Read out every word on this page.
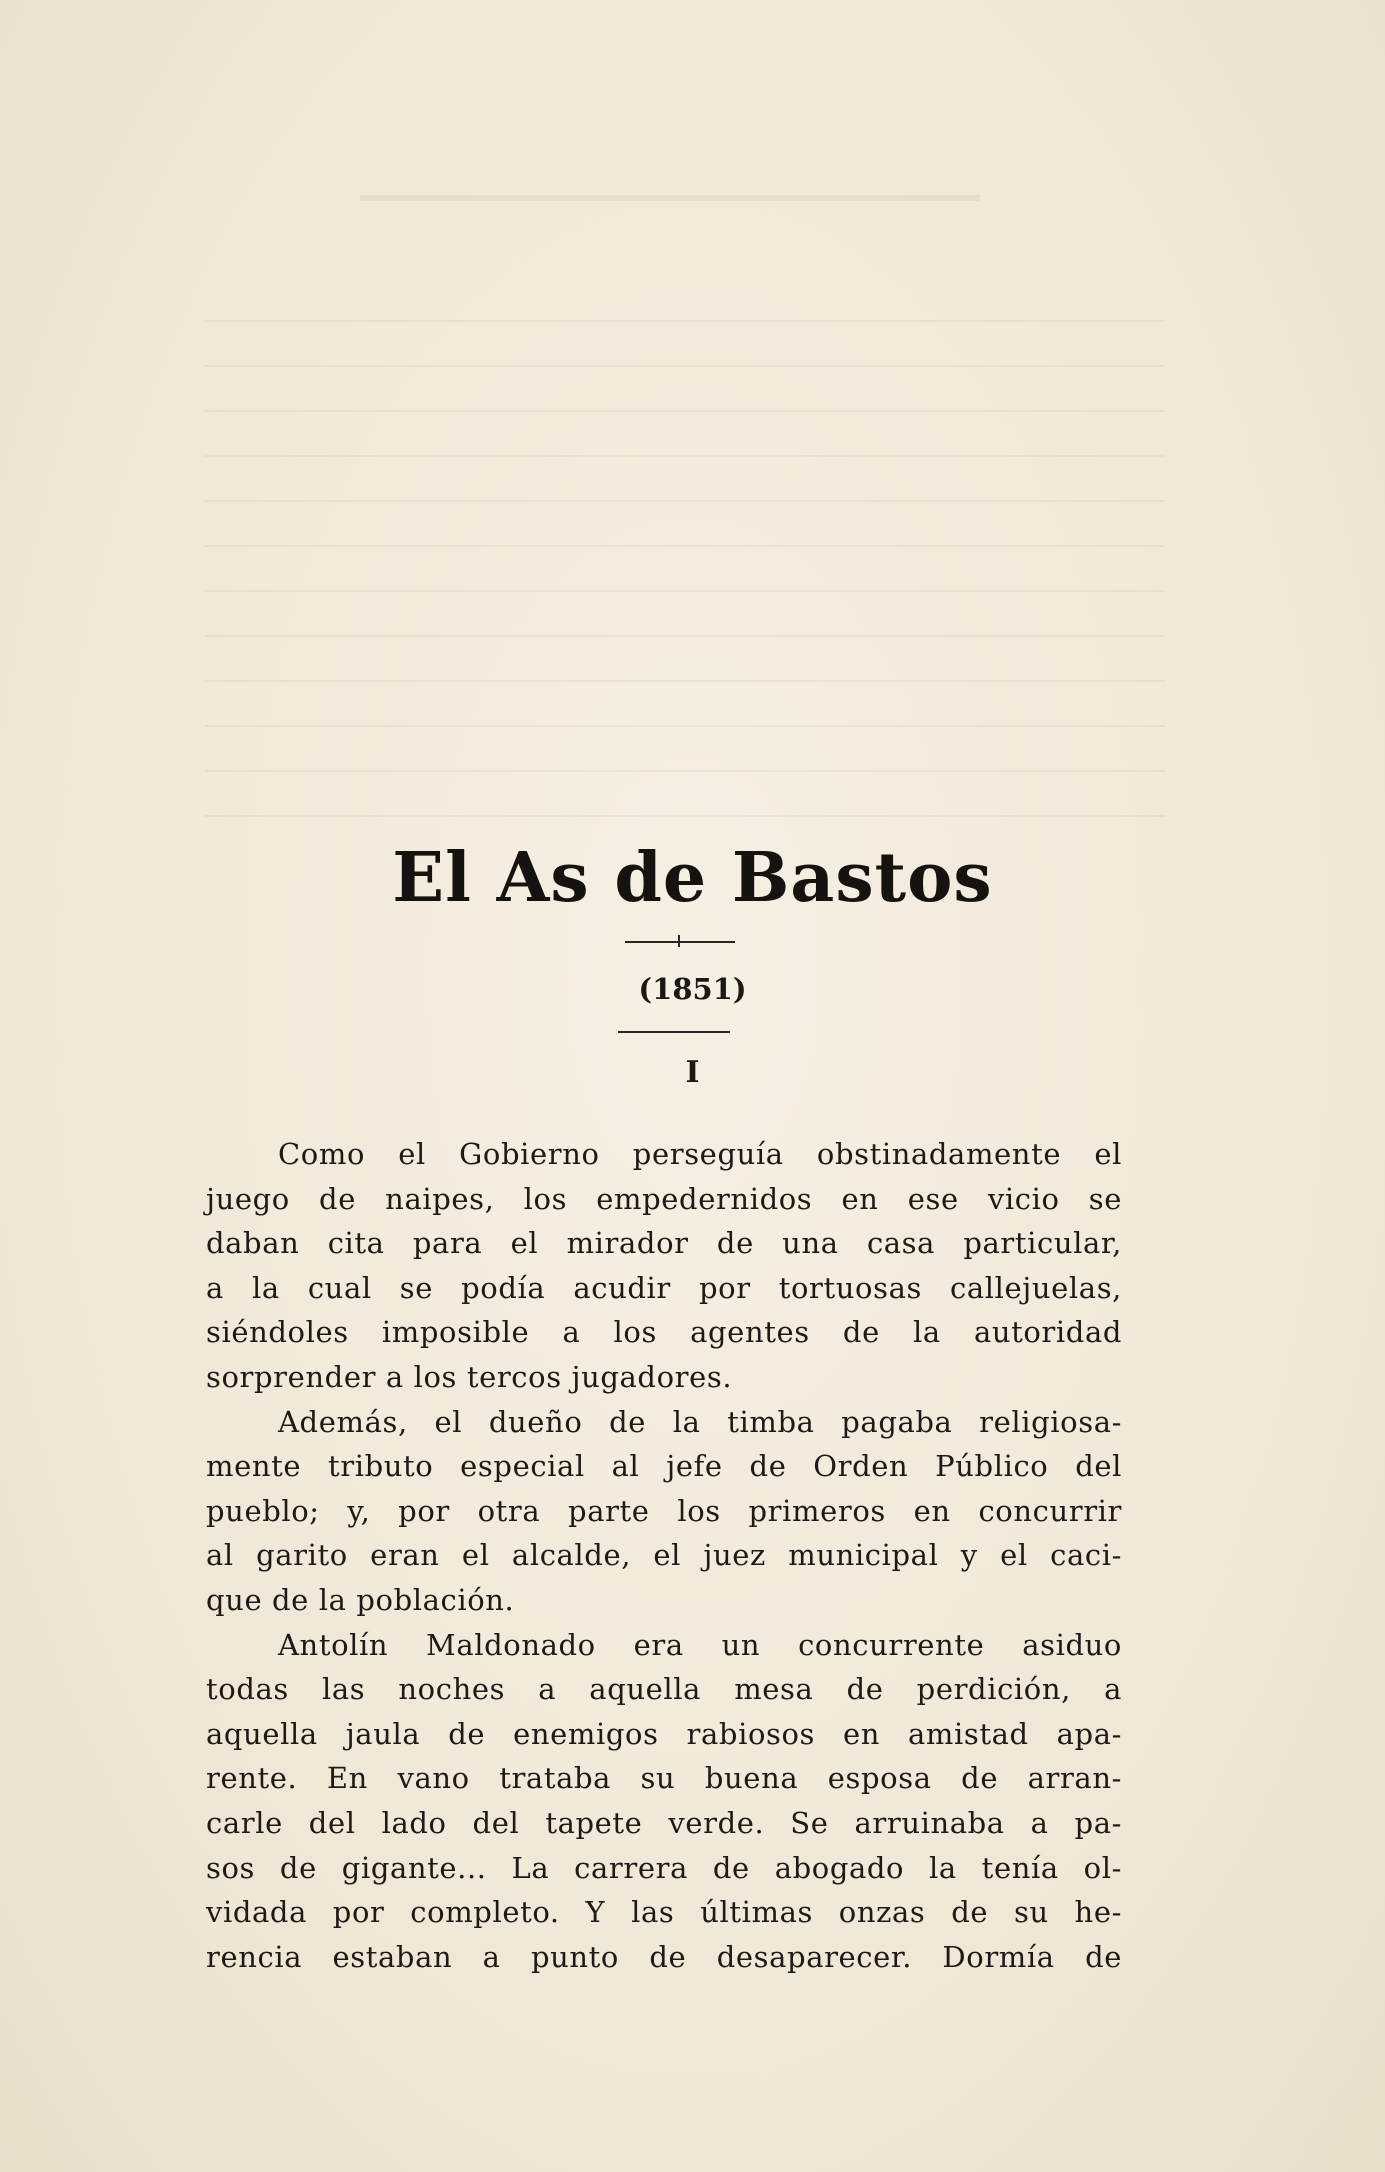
El As de Bastos
(1851)
I
Como el Gobierno perseguía obstinadamente el
juego de naipes, los empedernidos en ese vicio se
daban cita para el mirador de una casa particular,
a la cual se podía acudir por tortuosas callejuelas,
siéndoles imposible a los agentes de la autoridad
sorprender a los tercos jugadores.
Además, el dueño de la timba pagaba religiosa-
mente tributo especial al jefe de Orden Público del
pueblo; y, por otra parte los primeros en concurrir
al garito eran el alcalde, el juez municipal y el caci-
que de la población.
Antolín Maldonado era un concurrente asiduo
todas las noches a aquella mesa de perdición, a
aquella jaula de enemigos rabiosos en amistad apa-
rente. En vano trataba su buena esposa de arran-
carle del lado del tapete verde. Se arruinaba a pa-
sos de gigante... La carrera de abogado la tenía ol-
vidada por completo. Y las últimas onzas de su he-
rencia estaban a punto de desaparecer. Dormía de
